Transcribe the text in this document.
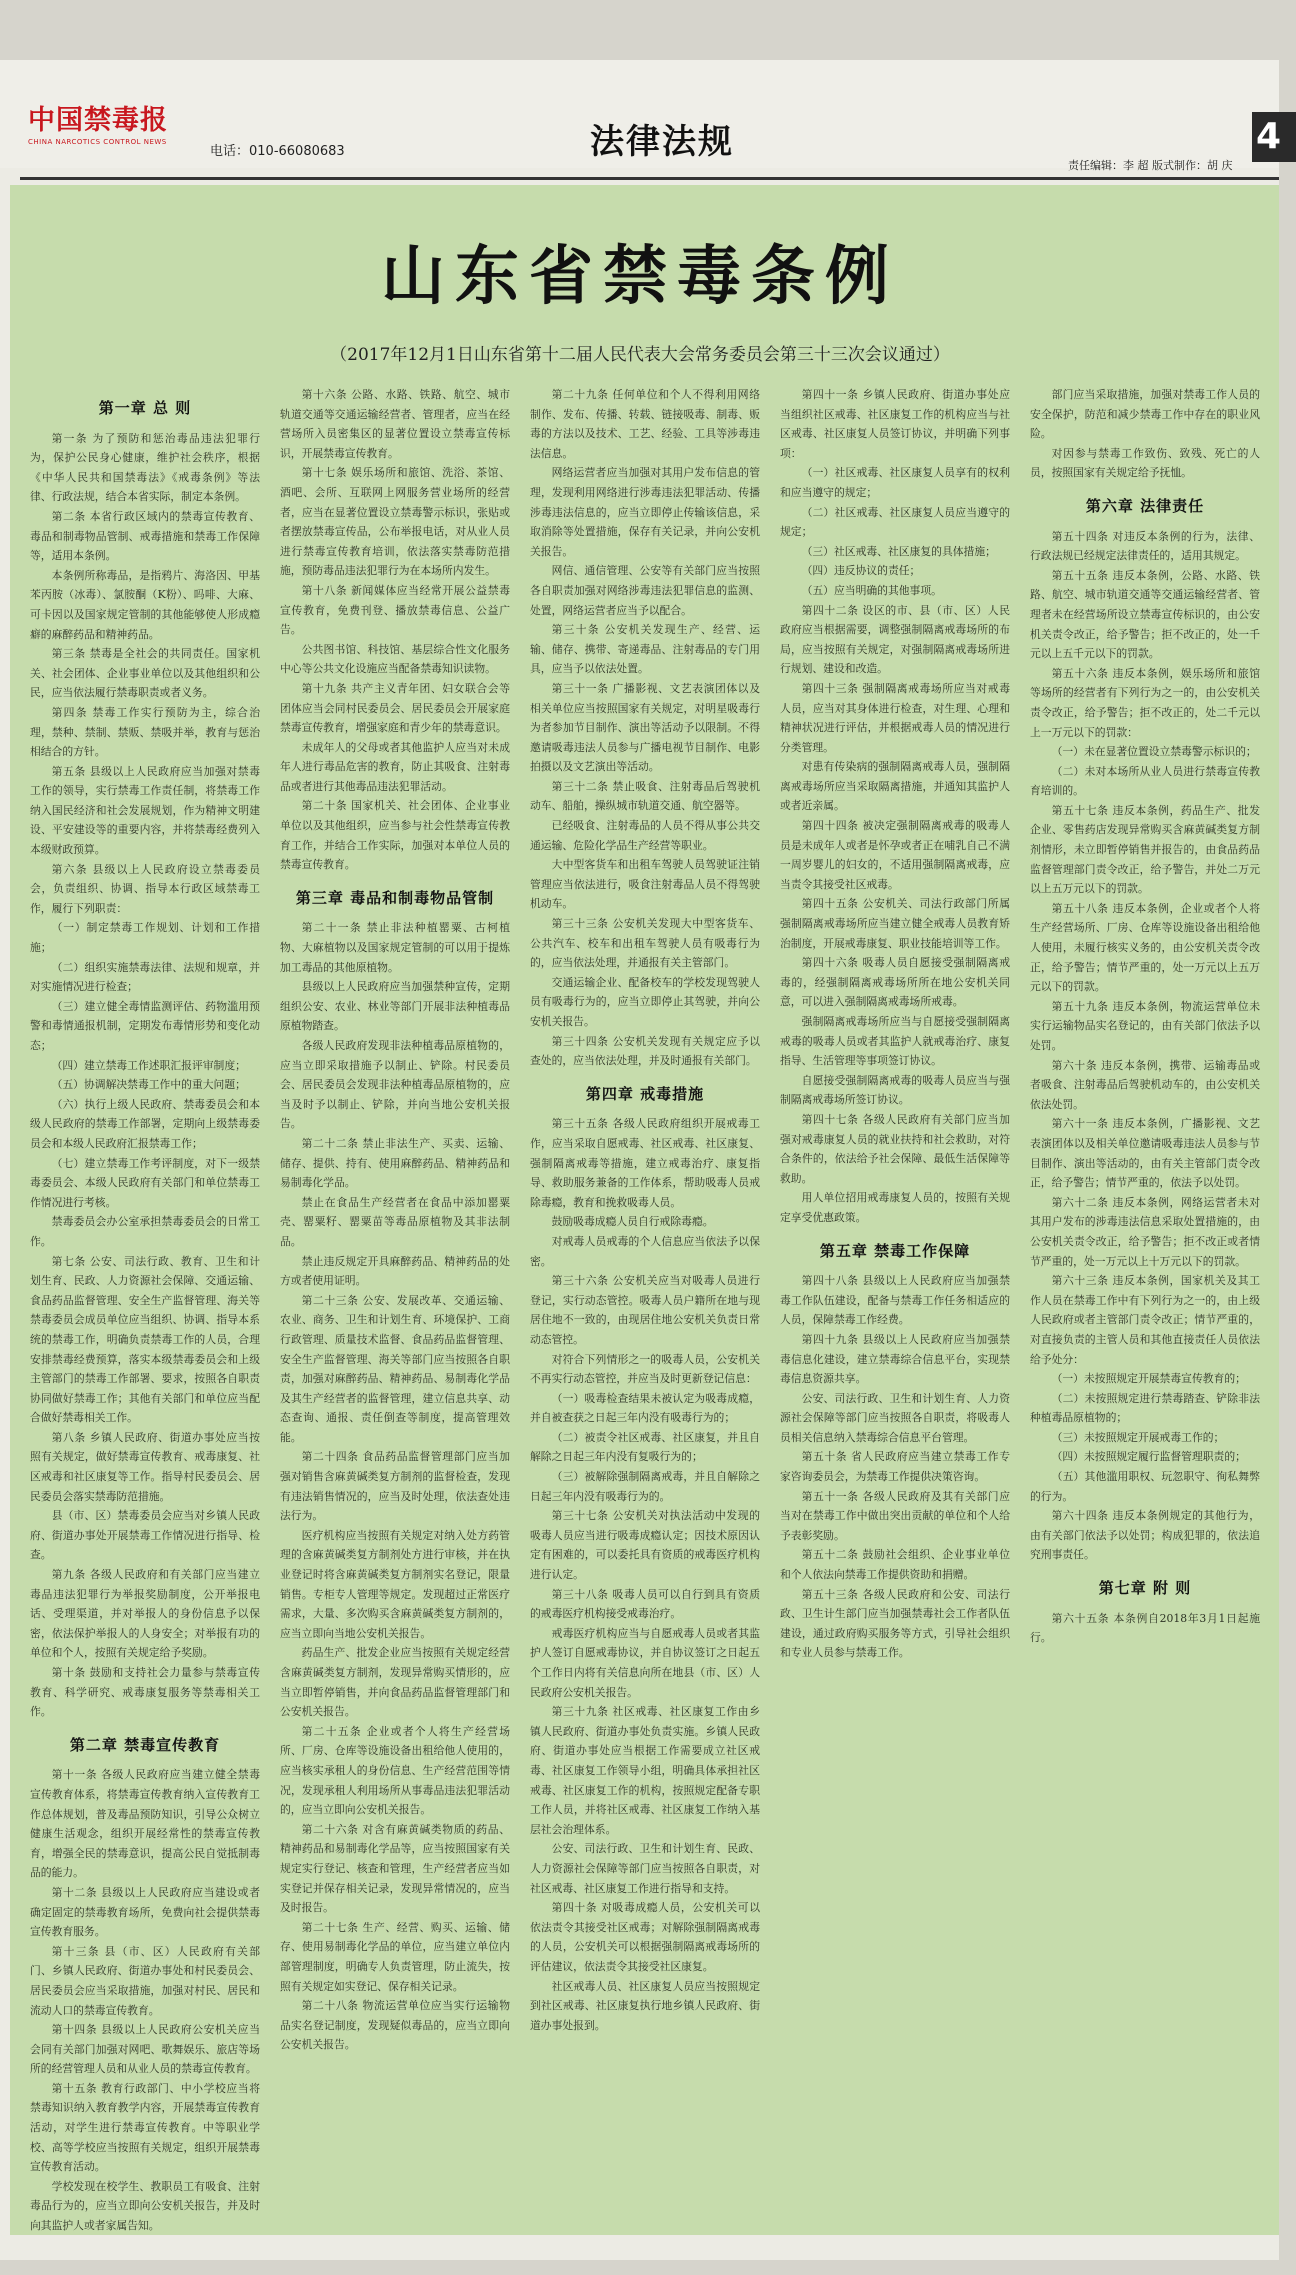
中国禁毒报
CHINA NARCOTICS CONTROL NEWS
电话：010-66080683	法律法规
责任编辑：李 超 版式制作：胡 庆
4
山东省禁毒条例
（2017年12月1日山东省第十二届人民代表大会常务委员会第三十三次会议通过）

第一章 总 则

第一条 为了预防和惩治毒品违法犯罪行为，保护公民身心健康，维护社会秩序，根据《中华人民共和国禁毒法》《戒毒条例》等法律、行政法规，结合本省实际，制定本条例。

第二条 本省行政区域内的禁毒宣传教育、毒品和制毒物品管制、戒毒措施和禁毒工作保障等，适用本条例。

本条例所称毒品，是指鸦片、海洛因、甲基苯丙胺（冰毒）、氯胺酮（K粉）、吗啡、大麻、可卡因以及国家规定管制的其他能够使人形成瘾癖的麻醉药品和精神药品。

第三条 禁毒是全社会的共同责任。国家机关、社会团体、企业事业单位以及其他组织和公民，应当依法履行禁毒职责或者义务。

第四条 禁毒工作实行预防为主，综合治理，禁种、禁制、禁贩、禁吸并举，教育与惩治相结合的方针。

第五条 县级以上人民政府应当加强对禁毒工作的领导，实行禁毒工作责任制，将禁毒工作纳入国民经济和社会发展规划，作为精神文明建设、平安建设等的重要内容，并将禁毒经费列入本级财政预算。

第六条 县级以上人民政府设立禁毒委员会，负责组织、协调、指导本行政区域禁毒工作，履行下列职责：

（一）制定禁毒工作规划、计划和工作措施；

（二）组织实施禁毒法律、法规和规章，并对实施情况进行检查；

（三）建立健全毒情监测评估、药物滥用预警和毒情通报机制，定期发布毒情形势和变化动态；

（四）建立禁毒工作述职汇报评审制度；

（五）协调解决禁毒工作中的重大问题；

（六）执行上级人民政府、禁毒委员会和本级人民政府的禁毒工作部署，定期向上级禁毒委员会和本级人民政府汇报禁毒工作；

（七）建立禁毒工作考评制度，对下一级禁毒委员会、本级人民政府有关部门和单位禁毒工作情况进行考核。

禁毒委员会办公室承担禁毒委员会的日常工作。

第七条 公安、司法行政、教育、卫生和计划生育、民政、人力资源社会保障、交通运输、食品药品监督管理、安全生产监督管理、海关等禁毒委员会成员单位应当组织、协调、指导本系统的禁毒工作，明确负责禁毒工作的人员，合理安排禁毒经费预算，落实本级禁毒委员会和上级主管部门的禁毒工作部署、要求，按照各自职责协同做好禁毒工作；其他有关部门和单位应当配合做好禁毒相关工作。

第八条 乡镇人民政府、街道办事处应当按照有关规定，做好禁毒宣传教育、戒毒康复、社区戒毒和社区康复等工作。指导村民委员会、居民委员会落实禁毒防范措施。

县（市、区）禁毒委员会应当对乡镇人民政府、街道办事处开展禁毒工作情况进行指导、检查。

第九条 各级人民政府和有关部门应当建立毒品违法犯罪行为举报奖励制度，公开举报电话、受理渠道，并对举报人的身份信息予以保密，依法保护举报人的人身安全；对举报有功的单位和个人，按照有关规定给予奖励。

第十条 鼓励和支持社会力量参与禁毒宣传教育、科学研究、戒毒康复服务等禁毒相关工作。

第二章 禁毒宣传教育

第十一条 各级人民政府应当建立健全禁毒宣传教育体系，将禁毒宣传教育纳入宣传教育工作总体规划，普及毒品预防知识，引导公众树立健康生活观念，组织开展经常性的禁毒宣传教育，增强全民的禁毒意识，提高公民自觉抵制毒品的能力。

第十二条 县级以上人民政府应当建设或者确定固定的禁毒教育场所，免费向社会提供禁毒宣传教育服务。

第十三条 县（市、区）人民政府有关部门、乡镇人民政府、街道办事处和村民委员会、居民委员会应当采取措施，加强对村民、居民和流动人口的禁毒宣传教育。

第十四条 县级以上人民政府公安机关应当会同有关部门加强对网吧、歌舞娱乐、旅店等场所的经营管理人员和从业人员的禁毒宣传教育。

第十五条 教育行政部门、中小学校应当将禁毒知识纳入教育教学内容，开展禁毒宣传教育活动，对学生进行禁毒宣传教育。中等职业学校、高等学校应当按照有关规定，组织开展禁毒宣传教育活动。

学校发现在校学生、教职员工有吸食、注射毒品行为的，应当立即向公安机关报告，并及时向其监护人或者家属告知。

第十六条 公路、水路、铁路、航空、城市轨道交通等交通运输经营者、管理者，应当在经营场所入员密集区的显著位置设立禁毒宣传标识，开展禁毒宣传教育。

第十七条 娱乐场所和旅馆、洗浴、茶馆、酒吧、会所、互联网上网服务营业场所的经营者，应当在显著位置设立禁毒警示标识，张贴或者摆放禁毒宣传品，公布举报电话，对从业人员进行禁毒宣传教育培训，依法落实禁毒防范措施，预防毒品违法犯罪行为在本场所内发生。

第十八条 新闻媒体应当经常开展公益禁毒宣传教育，免费刊登、播放禁毒信息、公益广告。

公共图书馆、科技馆、基层综合性文化服务中心等公共文化设施应当配备禁毒知识读物。

第十九条 共产主义青年团、妇女联合会等团体应当会同村民委员会、居民委员会开展家庭禁毒宣传教育，增强家庭和青少年的禁毒意识。

未成年人的父母或者其他监护人应当对未成年人进行毒品危害的教育，防止其吸食、注射毒品或者进行其他毒品违法犯罪活动。

第二十条 国家机关、社会团体、企业事业单位以及其他组织，应当参与社会性禁毒宣传教育工作，并结合工作实际，加强对本单位人员的禁毒宣传教育。

第三章 毒品和制毒物品管制

第二十一条 禁止非法种植罂粟、古柯植物、大麻植物以及国家规定管制的可以用于提炼加工毒品的其他原植物。

县级以上人民政府应当加强禁种宣传，定期组织公安、农业、林业等部门开展非法种植毒品原植物踏查。

各级人民政府发现非法种植毒品原植物的，应当立即采取措施予以制止、铲除。村民委员会、居民委员会发现非法种植毒品原植物的，应当及时予以制止、铲除，并向当地公安机关报告。

第二十二条 禁止非法生产、买卖、运输、储存、提供、持有、使用麻醉药品、精神药品和易制毒化学品。

禁止在食品生产经营者在食品中添加罂粟壳、罂粟籽、罂粟苗等毒品原植物及其非法制品。

禁止违反规定开具麻醉药品、精神药品的处方或者使用证明。

第二十三条 公安、发展改革、交通运输、农业、商务、卫生和计划生育、环境保护、工商行政管理、质量技术监督、食品药品监督管理、安全生产监督管理、海关等部门应当按照各自职责，加强对麻醉药品、精神药品、易制毒化学品及其生产经营者的监督管理，建立信息共享、动态查询、通报、责任倒查等制度，提高管理效能。

第二十四条 食品药品监督管理部门应当加强对销售含麻黄碱类复方制剂的监督检查，发现有违法销售情况的，应当及时处理，依法查处违法行为。

医疗机构应当按照有关规定对纳入处方药管理的含麻黄碱类复方制剂处方进行审核，并在执业登记时将含麻黄碱类复方制剂实名登记，限量销售。专柜专人管理等规定。发现超过正常医疗需求，大量、多次购买含麻黄碱类复方制剂的，应当立即向当地公安机关报告。

药品生产、批发企业应当按照有关规定经营含麻黄碱类复方制剂，发现异常购买情形的，应当立即暂停销售，并向食品药品监督管理部门和公安机关报告。

第二十五条 企业或者个人将生产经营场所、厂房、仓库等设施设备出租给他人使用的，应当核实承租人的身份信息、生产经营范围等情况，发现承租人利用场所从事毒品违法犯罪活动的，应当立即向公安机关报告。

第二十六条 对含有麻黄碱类物质的药品、精神药品和易制毒化学品等，应当按照国家有关规定实行登记、核查和管理，生产经营者应当如实登记并保存相关记录，发现异常情况的，应当及时报告。

第二十七条 生产、经营、购买、运输、储存、使用易制毒化学品的单位，应当建立单位内部管理制度，明确专人负责管理，防止流失，按照有关规定如实登记、保存相关记录。

第二十八条 物流运营单位应当实行运输物品实名登记制度，发现疑似毒品的，应当立即向公安机关报告。

第二十九条 任何单位和个人不得利用网络制作、发布、传播、转载、链接吸毒、制毒、贩毒的方法以及技术、工艺、经验、工具等涉毒违法信息。

网络运营者应当加强对其用户发布信息的管理，发现利用网络进行涉毒违法犯罪活动、传播涉毒违法信息的，应当立即停止传输该信息，采取消除等处置措施，保存有关记录，并向公安机关报告。

网信、通信管理、公安等有关部门应当按照各自职责加强对网络涉毒违法犯罪信息的监测、处置，网络运营者应当予以配合。

第三十条 公安机关发现生产、经营、运输、储存、携带、寄递毒品、注射毒品的专门用具，应当予以依法处置。

第三十一条 广播影视、文艺表演团体以及相关单位应当按照国家有关规定，对明星吸毒行为者参加节目制作、演出等活动予以限制。不得邀请吸毒违法人员参与广播电视节目制作、电影拍摄以及文艺演出等活动。

第三十二条 禁止吸食、注射毒品后驾驶机动车、船舶，操纵城市轨道交通、航空器等。

已经吸食、注射毒品的人员不得从事公共交通运输、危险化学品生产经营等职业。

大中型客货车和出租车驾驶人员驾驶证注销管理应当依法进行，吸食注射毒品人员不得驾驶机动车。

第三十三条 公安机关发现大中型客货车、公共汽车、校车和出租车驾驶人员有吸毒行为的，应当依法处理，并通报有关主管部门。

交通运输企业、配备校车的学校发现驾驶人员有吸毒行为的，应当立即停止其驾驶，并向公安机关报告。

第三十四条 公安机关发现有关规定应予以查处的，应当依法处理，并及时通报有关部门。

第四章 戒毒措施

第三十五条 各级人民政府组织开展戒毒工作，应当采取自愿戒毒、社区戒毒、社区康复、强制隔离戒毒等措施，建立戒毒治疗、康复指导、救助服务兼备的工作体系，帮助吸毒人员戒除毒瘾，教育和挽救吸毒人员。

鼓励吸毒成瘾人员自行戒除毒瘾。

对戒毒人员戒毒的个人信息应当依法予以保密。

第三十六条 公安机关应当对吸毒人员进行登记，实行动态管控。吸毒人员户籍所在地与现居住地不一致的，由现居住地公安机关负责日常动态管控。

对符合下列情形之一的吸毒人员，公安机关不再实行动态管控，并应当及时更新登记信息：

（一）吸毒检查结果未被认定为吸毒成瘾，并自被查获之日起三年内没有吸毒行为的；

（二）被责令社区戒毒、社区康复，并且自解除之日起三年内没有复吸行为的；

（三）被解除强制隔离戒毒，并且自解除之日起三年内没有吸毒行为的。

第三十七条 公安机关对执法活动中发现的吸毒人员应当进行吸毒成瘾认定；因技术原因认定有困难的，可以委托具有资质的戒毒医疗机构进行认定。

第三十八条 吸毒人员可以自行到具有资质的戒毒医疗机构接受戒毒治疗。

戒毒医疗机构应当与自愿戒毒人员或者其监护人签订自愿戒毒协议，并自协议签订之日起五个工作日内将有关信息向所在地县（市、区）人民政府公安机关报告。

第三十九条 社区戒毒、社区康复工作由乡镇人民政府、街道办事处负责实施。乡镇人民政府、街道办事处应当根据工作需要成立社区戒毒、社区康复工作领导小组，明确具体承担社区戒毒、社区康复工作的机构，按照规定配备专职工作人员，并将社区戒毒、社区康复工作纳入基层社会治理体系。

公安、司法行政、卫生和计划生育、民政、人力资源社会保障等部门应当按照各自职责，对社区戒毒、社区康复工作进行指导和支持。

第四十条 对吸毒成瘾人员，公安机关可以依法责令其接受社区戒毒；对解除强制隔离戒毒的人员，公安机关可以根据强制隔离戒毒场所的评估建议，依法责令其接受社区康复。

社区戒毒人员、社区康复人员应当按照规定到社区戒毒、社区康复执行地乡镇人民政府、街道办事处报到。

第四十一条 乡镇人民政府、街道办事处应当组织社区戒毒、社区康复工作的机构应当与社区戒毒、社区康复人员签订协议，并明确下列事项：

（一）社区戒毒、社区康复人员享有的权利和应当遵守的规定；

（二）社区戒毒、社区康复人员应当遵守的规定；

（三）社区戒毒、社区康复的具体措施；

（四）违反协议的责任；

（五）应当明确的其他事项。

第四十二条 设区的市、县（市、区）人民政府应当根据需要，调整强制隔离戒毒场所的布局，应当按照有关规定，对强制隔离戒毒场所进行规划、建设和改造。

第四十三条 强制隔离戒毒场所应当对戒毒人员，应当对其身体进行检查，对生理、心理和精神状况进行评估，并根据戒毒人员的情况进行分类管理。

对患有传染病的强制隔离戒毒人员，强制隔离戒毒场所应当采取隔离措施，并通知其监护人或者近亲属。

第四十四条 被决定强制隔离戒毒的吸毒人员是未成年人或者是怀孕或者正在哺乳自己不满一周岁婴儿的妇女的，不适用强制隔离戒毒，应当责令其接受社区戒毒。

第四十五条 公安机关、司法行政部门所属强制隔离戒毒场所应当建立健全戒毒人员教育矫治制度，开展戒毒康复、职业技能培训等工作。

第四十六条 吸毒人员自愿接受强制隔离戒毒的，经强制隔离戒毒场所所在地公安机关同意，可以进入强制隔离戒毒场所戒毒。

强制隔离戒毒场所应当与自愿接受强制隔离戒毒的吸毒人员或者其监护人就戒毒治疗、康复指导、生活管理等事项签订协议。

自愿接受强制隔离戒毒的吸毒人员应当与强制隔离戒毒场所签订协议。

第四十七条 各级人民政府有关部门应当加强对戒毒康复人员的就业扶持和社会救助，对符合条件的，依法给予社会保障、最低生活保障等救助。

用人单位招用戒毒康复人员的，按照有关规定享受优惠政策。

第五章 禁毒工作保障

第四十八条 县级以上人民政府应当加强禁毒工作队伍建设，配备与禁毒工作任务相适应的人员，保障禁毒工作经费。

第四十九条 县级以上人民政府应当加强禁毒信息化建设，建立禁毒综合信息平台，实现禁毒信息资源共享。

公安、司法行政、卫生和计划生育、人力资源社会保障等部门应当按照各自职责，将吸毒人员相关信息纳入禁毒综合信息平台管理。

第五十条 省人民政府应当建立禁毒工作专家咨询委员会，为禁毒工作提供决策咨询。

第五十一条 各级人民政府及其有关部门应当对在禁毒工作中做出突出贡献的单位和个人给予表彰奖励。

第五十二条 鼓励社会组织、企业事业单位和个人依法向禁毒工作提供资助和捐赠。

第五十三条 各级人民政府和公安、司法行政、卫生计生部门应当加强禁毒社会工作者队伍建设，通过政府购买服务等方式，引导社会组织和专业人员参与禁毒工作。

部门应当采取措施，加强对禁毒工作人员的安全保护，防范和减少禁毒工作中存在的职业风险。

对因参与禁毒工作致伤、致残、死亡的人员，按照国家有关规定给予抚恤。

第六章 法律责任

第五十四条 对违反本条例的行为，法律、行政法规已经规定法律责任的，适用其规定。

第五十五条 违反本条例，公路、水路、铁路、航空、城市轨道交通等交通运输经营者、管理者未在经营场所设立禁毒宣传标识的，由公安机关责令改正，给予警告；拒不改正的，处一千元以上五千元以下的罚款。

第五十六条 违反本条例，娱乐场所和旅馆等场所的经营者有下列行为之一的，由公安机关责令改正，给予警告；拒不改正的，处二千元以上一万元以下的罚款：

（一）未在显著位置设立禁毒警示标识的；

（二）未对本场所从业人员进行禁毒宣传教育培训的。

第五十七条 违反本条例，药品生产、批发企业、零售药店发现异常购买含麻黄碱类复方制剂情形，未立即暂停销售并报告的，由食品药品监督管理部门责令改正，给予警告，并处二万元以上五万元以下的罚款。

第五十八条 违反本条例，企业或者个人将生产经营场所、厂房、仓库等设施设备出租给他人使用，未履行核实义务的，由公安机关责令改正，给予警告；情节严重的，处一万元以上五万元以下的罚款。

第五十九条 违反本条例，物流运营单位未实行运输物品实名登记的，由有关部门依法予以处罚。

第六十条 违反本条例，携带、运输毒品或者吸食、注射毒品后驾驶机动车的，由公安机关依法处罚。

第六十一条 违反本条例，广播影视、文艺表演团体以及相关单位邀请吸毒违法人员参与节目制作、演出等活动的，由有关主管部门责令改正，给予警告；情节严重的，依法予以处罚。

第六十二条 违反本条例，网络运营者未对其用户发布的涉毒违法信息采取处置措施的，由公安机关责令改正，给予警告；拒不改正或者情节严重的，处一万元以上十万元以下的罚款。

第六十三条 违反本条例，国家机关及其工作人员在禁毒工作中有下列行为之一的，由上级人民政府或者主管部门责令改正；情节严重的，对直接负责的主管人员和其他直接责任人员依法给予处分：

（一）未按照规定开展禁毒宣传教育的；

（二）未按照规定进行禁毒踏查、铲除非法种植毒品原植物的；

（三）未按照规定开展戒毒工作的；

（四）未按照规定履行监督管理职责的；

（五）其他滥用职权、玩忽职守、徇私舞弊的行为。

第六十四条 违反本条例规定的其他行为，由有关部门依法予以处罚；构成犯罪的，依法追究刑事责任。

第七章 附 则

第六十五条 本条例自2018年3月1日起施行。
